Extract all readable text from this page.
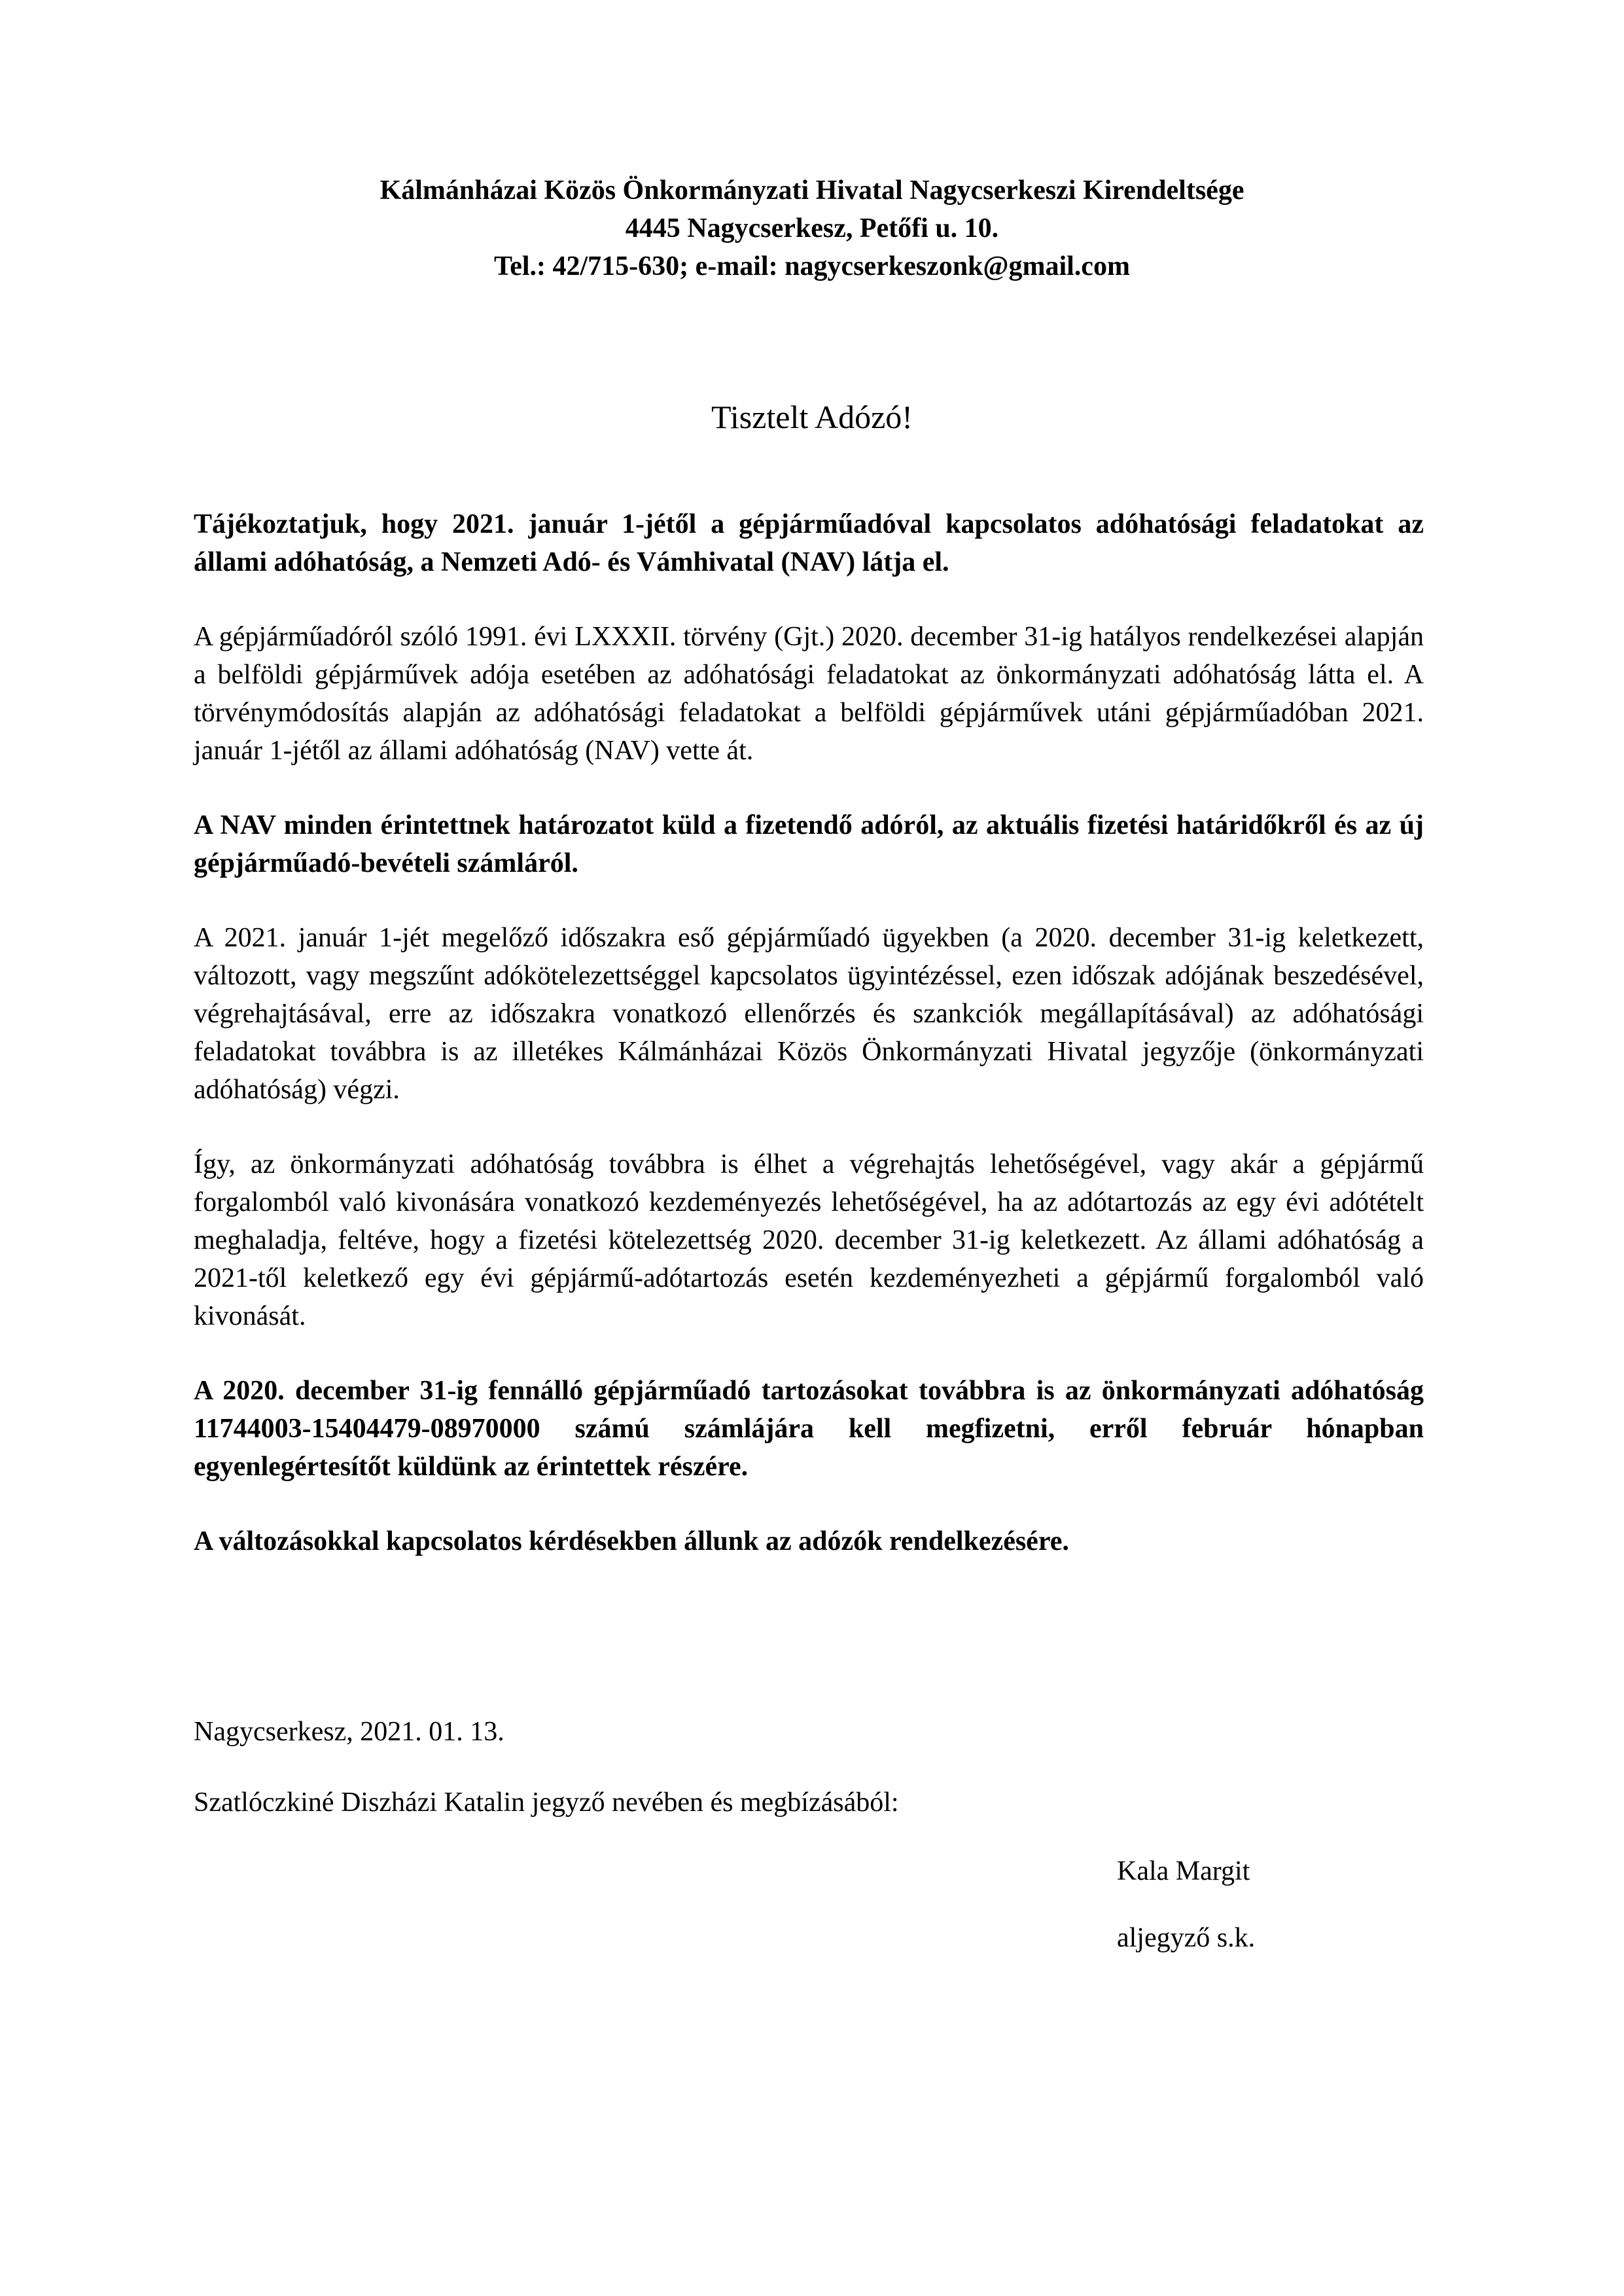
Kálmánházai Közös Önkormányzati Hivatal Nagycserkeszi Kirendeltsége
4445 Nagycserkesz, Petőfi u. 10.
Tel.: 42/715-630; e-mail: nagycserkeszonk@gmail.com
Tisztelt Adózó!

Tájékoztatjuk, hogy 2021. január 1-jétől a gépjárműadóval kapcsolatos adóhatósági feladatokat az állami adóhatóság, a Nemzeti Adó- és Vámhivatal (NAV) látja el.

A gépjárműadóról szóló 1991. évi LXXXII. törvény (Gjt.) 2020. december 31-ig hatályos rendelkezései alapján a belföldi gépjárművek adója esetében az adóhatósági feladatokat az önkormányzati adóhatóság látta el. A törvénymódosítás alapján az adóhatósági feladatokat a belföldi gépjárművek utáni gépjárműadóban 2021. január 1-jétől az állami adóhatóság (NAV) vette át.

A NAV minden érintettnek határozatot küld a fizetendő adóról, az aktuális fizetési határidőkről és az új gépjárműadó-bevételi számláról.

A 2021. január 1-jét megelőző időszakra eső gépjárműadó ügyekben (a 2020. december 31-ig keletkezett, változott, vagy megszűnt adókötelezettséggel kapcsolatos ügyintézéssel, ezen időszak adójának beszedésével, végrehajtásával, erre az időszakra vonatkozó ellenőrzés és szankciók megállapításával) az adóhatósági feladatokat továbbra is az illetékes Kálmánházai Közös Önkormányzati Hivatal jegyzője (önkormányzati adóhatóság) végzi.

Így, az önkormányzati adóhatóság továbbra is élhet a végrehajtás lehetőségével, vagy akár a gépjármű forgalomból való kivonására vonatkozó kezdeményezés lehetőségével, ha az adótartozás az egy évi adótételt meghaladja, feltéve, hogy a fizetési kötelezettség 2020. december 31-ig keletkezett. Az állami adóhatóság a 2021-től keletkező egy évi gépjármű-adótartozás esetén kezdeményezheti a gépjármű forgalomból való kivonását.

A 2020. december 31-ig fennálló gépjárműadó tartozásokat továbbra is az önkormányzati adóhatóság 11744003-15404479-08970000 számú számlájára kell megfizetni, erről február hónapban egyenlegértesítőt küldünk az érintettek részére.

A változásokkal kapcsolatos kérdésekben állunk az adózók rendelkezésére.

Nagycserkesz, 2021. 01. 13.
Szatlóczkiné Diszházi Katalin jegyző nevében és megbízásából:
Kala Margit
aljegyző s.k.
